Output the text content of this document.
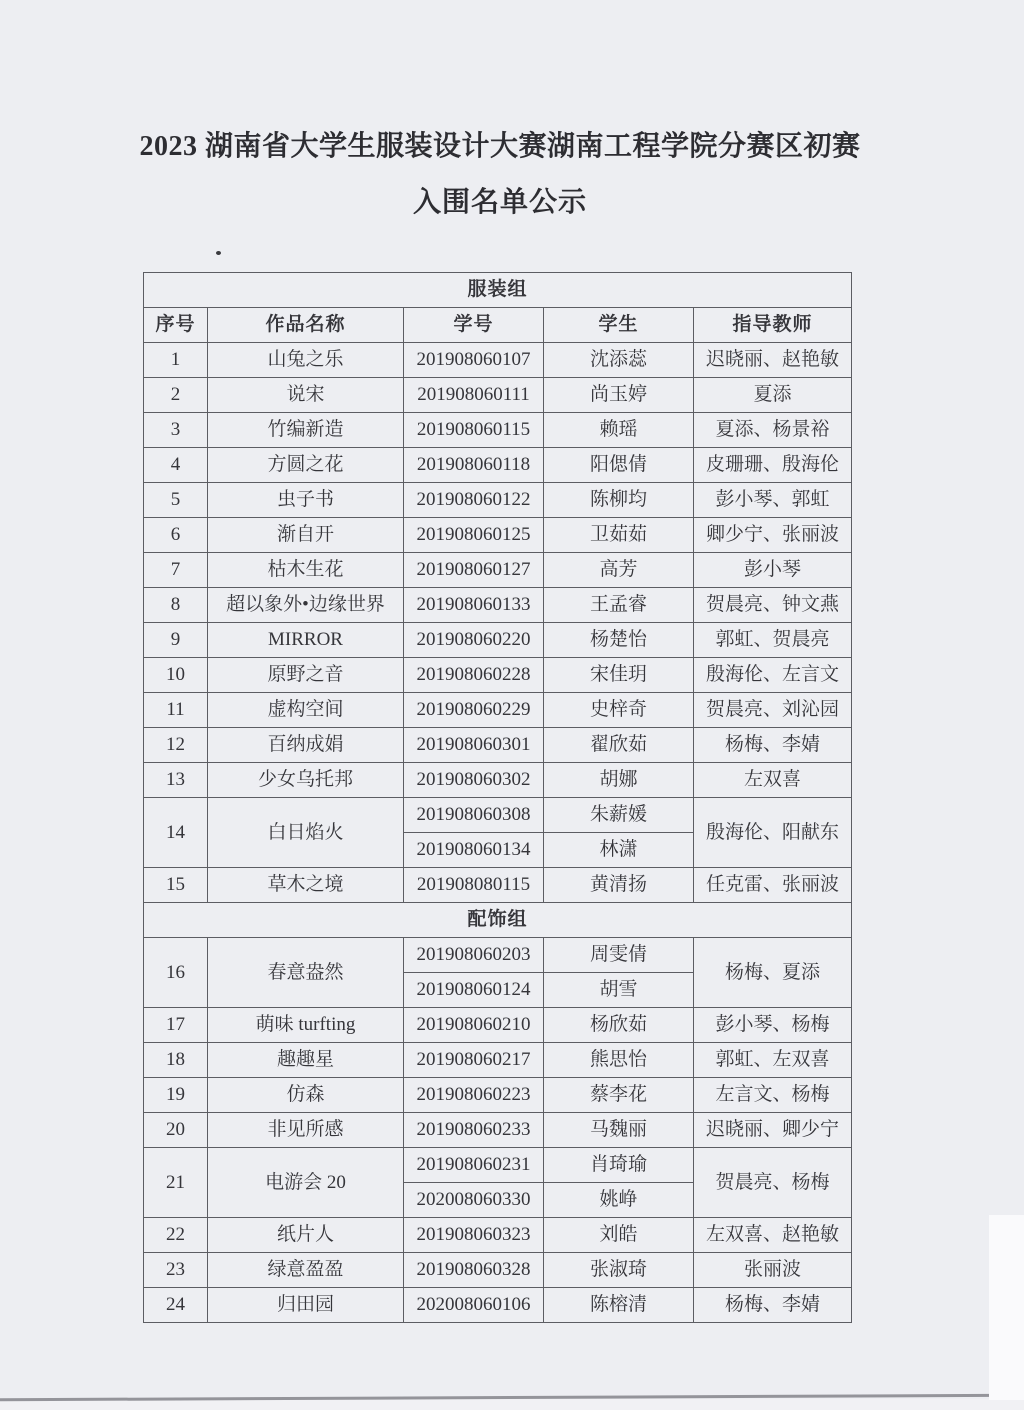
2023 湖南省大学生服装设计大赛湖南工程学院分赛区初赛
入围名单公示
服装组				
序号	作品名称	学号	学生	指导教师
1	山兔之乐	201908060107	沈添蕊	迟晓丽、赵艳敏
2	说宋	201908060111	尚玉婷	夏添
3	竹编新造	201908060115	赖瑶	夏添、杨景裕
4	方圆之花	201908060118	阳偲倩	皮珊珊、殷海伦
5	虫子书	201908060122	陈柳均	彭小琴、郭虹
6	渐自开	201908060125	卫茹茹	卿少宁、张丽波
7	枯木生花	201908060127	高芳	彭小琴
8	超以象外•边缘世界	201908060133	王孟睿	贺晨亮、钟文燕
9	MIRROR	201908060220	杨楚怡	郭虹、贺晨亮
10	原野之音	201908060228	宋佳玥	殷海伦、左言文
11	虚构空间	201908060229	史梓奇	贺晨亮、刘沁园
12	百纳成娟	201908060301	翟欣茹	杨梅、李婧
13	少女乌托邦	201908060302	胡娜	左双喜
14	白日焰火	201908060308	朱薪媛	殷海伦、阳献东
		201908060134	林潇	
15	草木之境	201908080115	黄清扬	任克雷、张丽波
配饰组				
16	春意盎然	201908060203	周雯倩	杨梅、夏添
		201908060124	胡雪	
17	萌味 turfting	201908060210	杨欣茹	彭小琴、杨梅
18	趣趣星	201908060217	熊思怡	郭虹、左双喜
19	仿森	201908060223	蔡李花	左言文、杨梅
20	非见所感	201908060233	马魏丽	迟晓丽、卿少宁
21	电游会 20	201908060231	肖琦瑜	贺晨亮、杨梅
		202008060330	姚峥	
22	纸片人	201908060323	刘皓	左双喜、赵艳敏
23	绿意盈盈	201908060328	张淑琦	张丽波
24	归田园	202008060106	陈榕清	杨梅、李婧
